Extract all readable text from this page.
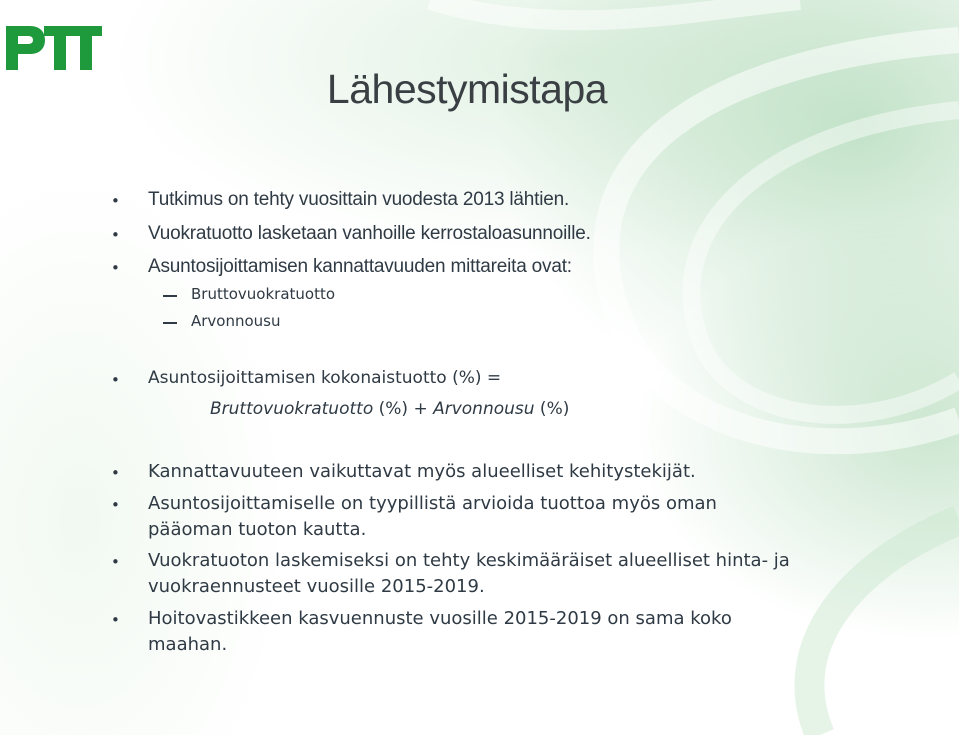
Lähestymistapa
• Tutkimus on tehty vuosittain vuodesta 2013 lähtien.
• Vuokratuotto lasketaan vanhoille kerrostaloasunnoille.
• Asuntosijoittamisen kannattavuuden mittareita ovat:
Bruttovuokratuotto
Arvonnousu
• Asuntosijoittamisen kokonaistuotto (%) =
Bruttovuokratuotto (%) + Arvonnousu (%)
• Kannattavuuteen vaikuttavat myös alueelliset kehitystekijät.
• Asuntosijoittamiselle on tyypillistä arvioida tuottoa myös oman
pääoman tuoton kautta.
• Vuokratuoton laskemiseksi on tehty keskimääräiset alueelliset hinta- ja
vuokraennusteet vuosille 2015-2019.
• Hoitovastikkeen kasvuennuste vuosille 2015-2019 on sama koko
maahan.
